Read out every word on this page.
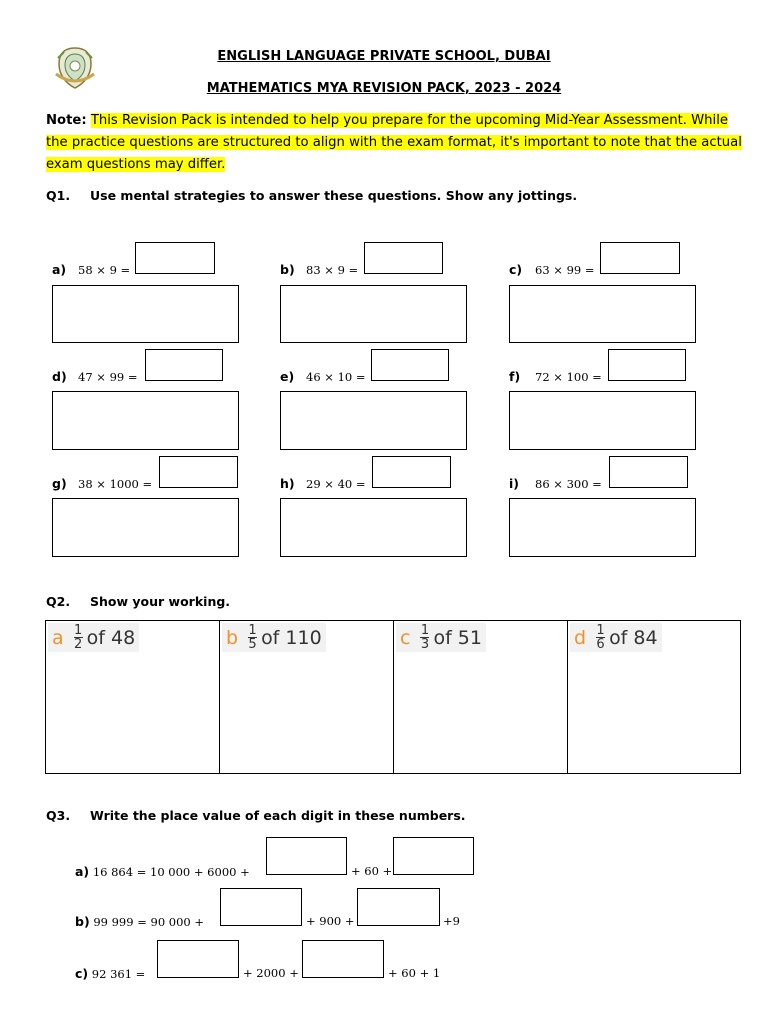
ENGLISH LANGUAGE PRIVATE SCHOOL, DUBAI
MATHEMATICS MYA REVISION PACK, 2023 - 2024
Note: This Revision Pack is intended to help you prepare for the upcoming Mid-Year Assessment. While the practice questions are structured to align with the exam format, it's important to note that the actual exam questions may differ.
Q1. Use mental strategies to answer these questions. Show any jottings.
a) 58 × 9 =	b) 83 × 9 =	c) 63 × 99 =
d) 47 × 99 =	e) 46 × 10 =	f) 72 × 100 =
g) 38 × 1000 =	h) 29 × 40 =	i) 86 × 300 =
Q2. Show your working.
a $\frac{1}{2}$ of 48	b $\frac{1}{5}$ of 110	c $\frac{1}{3}$ of 51	d $\frac{1}{6}$ of 84
Q3. Write the place value of each digit in these numbers.
a) 16 864 = 10 000 + 6000 +	+ 60 +
b) 99 999 = 90 000 +	+ 900 +	+9
c) 92 361 =	+ 2000 +	+ 60 + 1
